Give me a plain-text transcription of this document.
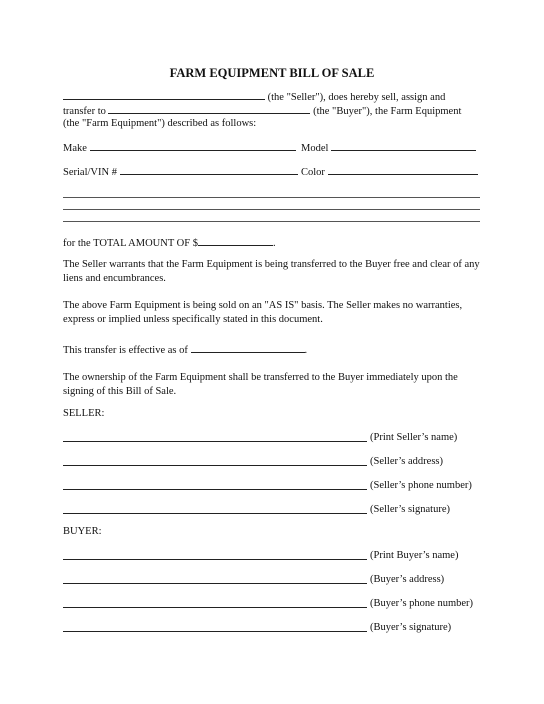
FARM EQUIPMENT BILL OF SALE
(the "Seller"), does hereby sell, assign and
transfer to	(the "Buyer"), the Farm Equipment
(the "Farm Equipment") described as follows:
Make	Model
Serial/VIN #	Color
for the TOTAL AMOUNT OF $	.
The Seller warrants that the Farm Equipment is being transferred to the Buyer free and clear of any liens and encumbrances.
The above Farm Equipment is being sold on an "AS IS" basis. The Seller makes no warranties, express or implied unless specifically stated in this document.
This transfer is effective as of	.
The ownership of the Farm Equipment shall be transferred to the Buyer immediately upon the signing of this Bill of Sale.
SELLER:
(Print Seller’s name)
(Seller’s address)
(Seller’s phone number)
(Seller’s signature)
BUYER:
(Print Buyer’s name)
(Buyer’s address)
(Buyer’s phone number)
(Buyer’s signature)
